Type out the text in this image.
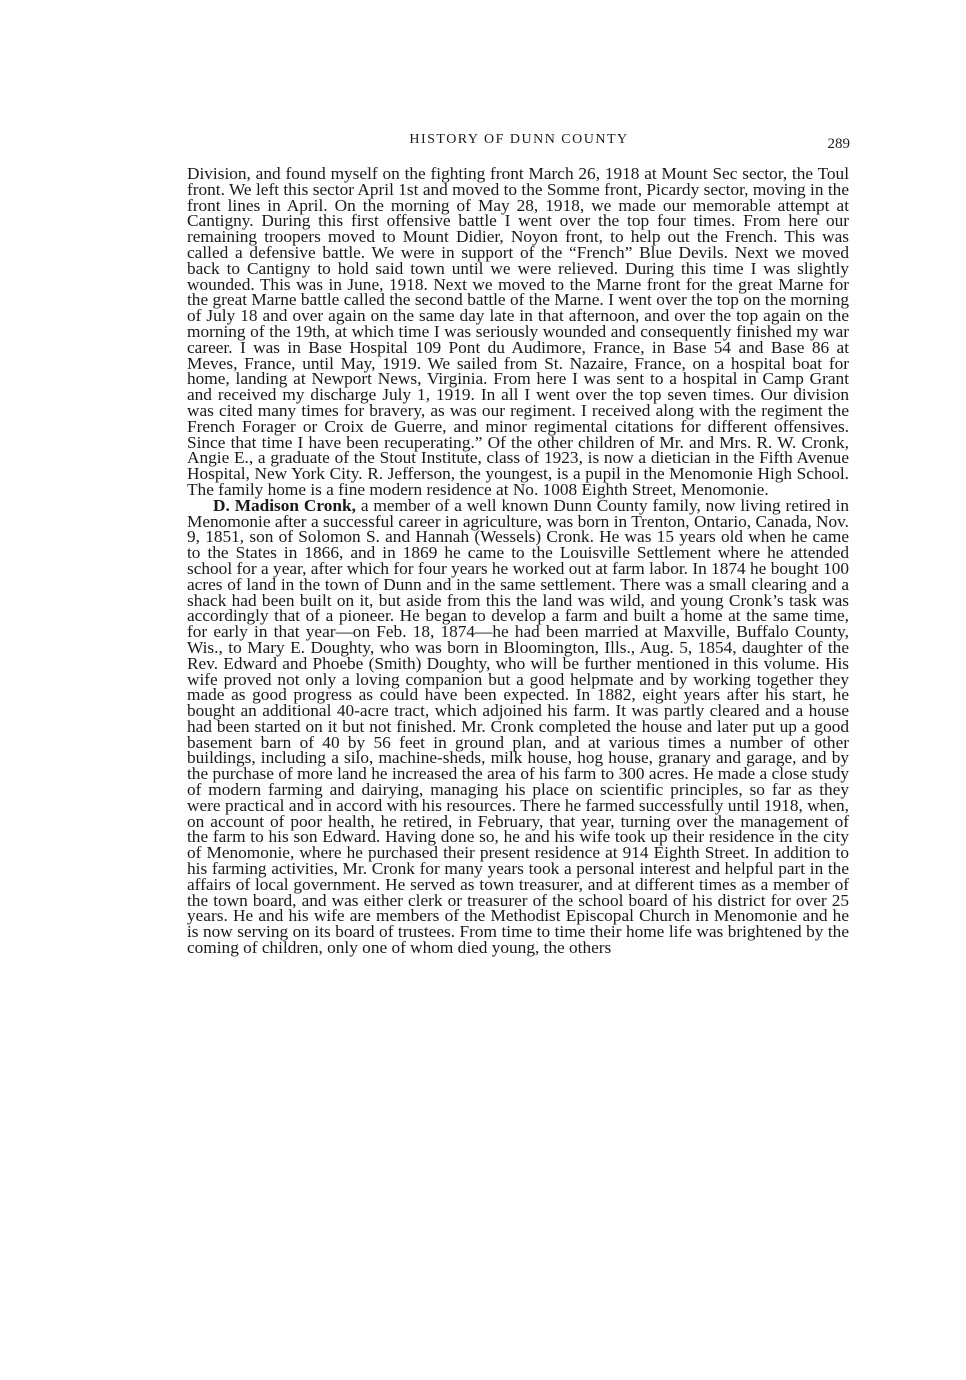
HISTORY OF DUNN COUNTY	289

Division, and found myself on the fighting front March 26, 1918 at Mount Sec sector, the Toul front. We left this sector April 1st and moved to the Somme front, Picardy sector, moving in the front lines in April. On the morning of May 28, 1918, we made our memorable attempt at Cantigny. During this first offensive battle I went over the top four times. From here our remaining troopers moved to Mount Didier, Noyon front, to help out the French. This was called a defensive battle. We were in support of the “French” Blue Devils. Next we moved back to Cantigny to hold said town until we were relieved. During this time I was slightly wounded. This was in June, 1918. Next we moved to the Marne front for the great Marne for the great Marne battle called the second battle of the Marne. I went over the top on the morning of July 18 and over again on the same day late in that afternoon, and over the top again on the morning of the 19th, at which time I was seriously wounded and consequently finished my war career. I was in Base Hospital 109 Pont du Audimore, France, in Base 54 and Base 86 at Meves, France, until May, 1919. We sailed from St. Nazaire, France, on a hospital boat for home, landing at Newport News, Virginia. From here I was sent to a hospital in Camp Grant and received my discharge July 1, 1919. In all I went over the top seven times. Our division was cited many times for bravery, as was our regiment. I received along with the regiment the French Forager or Croix de Guerre, and minor regimental citations for different offensives. Since that time I have been recuperating.” Of the other children of Mr. and Mrs. R. W. Cronk, Angie E., a graduate of the Stout Institute, class of 1923, is now a dietician in the Fifth Avenue Hospital, New York City. R. Jefferson, the youngest, is a pupil in the Menomonie High School. The family home is a fine modern residence at No. 1008 Eighth Street, Menomonie.

D. Madison Cronk, a member of a well known Dunn County family, now living retired in Menomonie after a successful career in agriculture, was born in Trenton, Ontario, Canada, Nov. 9, 1851, son of Solomon S. and Hannah (Wessels) Cronk. He was 15 years old when he came to the States in 1866, and in 1869 he came to the Louisville Settlement where he attended school for a year, after which for four years he worked out at farm labor. In 1874 he bought 100 acres of land in the town of Dunn and in the same settlement. There was a small clearing and a shack had been built on it, but aside from this the land was wild, and young Cronk’s task was accordingly that of a pioneer. He began to develop a farm and built a home at the same time, for early in that year—on Feb. 18, 1874—he had been married at Maxville, Buffalo County, Wis., to Mary E. Doughty, who was born in Bloomington, Ills., Aug. 5, 1854, daughter of the Rev. Edward and Phoebe (Smith) Doughty, who will be further mentioned in this volume. His wife proved not only a loving companion but a good helpmate and by working together they made as good progress as could have been expected. In 1882, eight years after his start, he bought an additional 40-acre tract, which adjoined his farm. It was partly cleared and a house had been started on it but not finished. Mr. Cronk completed the house and later put up a good basement barn of 40 by 56 feet in ground plan, and at various times a number of other buildings, including a silo, machine-sheds, milk house, hog house, granary and garage, and by the purchase of more land he increased the area of his farm to 300 acres. He made a close study of modern farming and dairying, managing his place on scientific principles, so far as they were practical and in accord with his resources. There he farmed successfully until 1918, when, on account of poor health, he retired, in February, that year, turning over the management of the farm to his son Edward. Having done so, he and his wife took up their residence in the city of Menomonie, where he purchased their present residence at 914 Eighth Street. In addition to his farming activities, Mr. Cronk for many years took a personal interest and helpful part in the affairs of local government. He served as town treasurer, and at different times as a member of the town board, and was either clerk or treasurer of the school board of his district for over 25 years. He and his wife are members of the Methodist Episcopal Church in Menomonie and he is now serving on its board of trustees. From time to time their home life was brightened by the coming of children, only one of whom died young, the others
